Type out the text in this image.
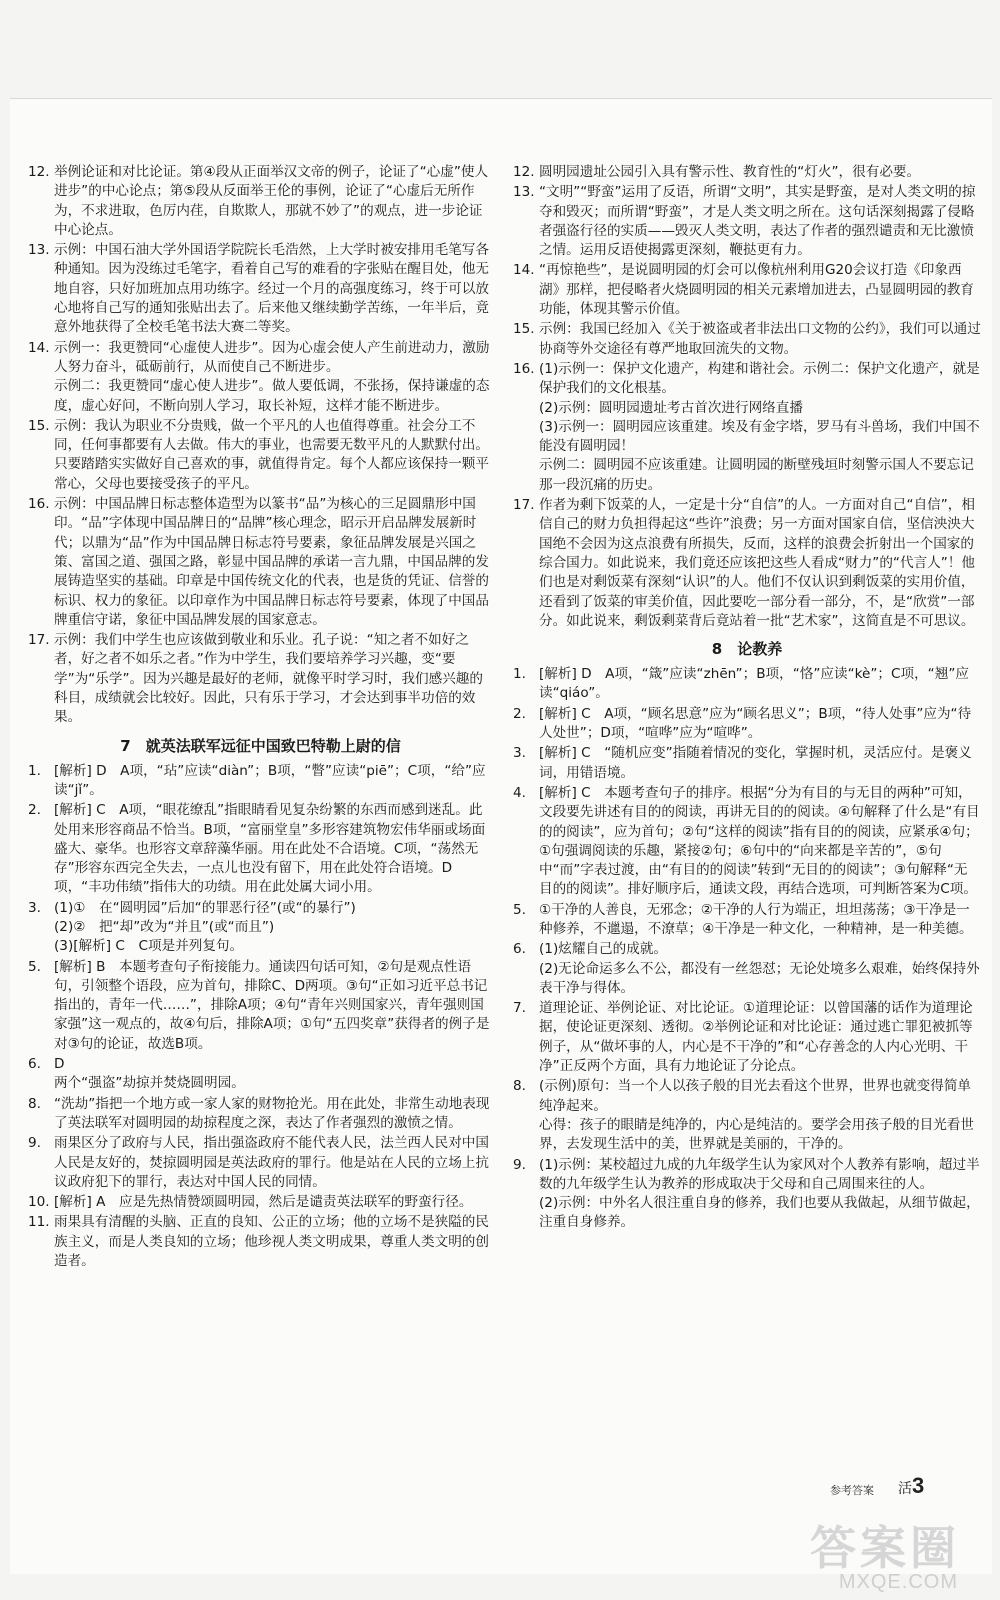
12. 举例论证和对比论证。第④段从正面举汉文帝的例子，论证了“心虚”使人进步”的中心论点；第⑤段从反面举王伦的事例，论证了“心虚后无所作为，不求进取，色厉内荏，自欺欺人，那就不妙了”的观点，进一步论证中心论点。

13. 示例：中国石油大学外国语学院院长毛浩然，上大学时被安排用毛笔写各种通知。因为没练过毛笔字，看着自己写的难看的字张贴在醒目处，他无地自容，只好加班加点用功练字。经过一个月的高强度练习，终于可以放心地将自己写的通知张贴出去了。后来他又继续勤学苦练，一年半后，竟意外地获得了全校毛笔书法大赛二等奖。

14. 示例一：我更赞同“心虚使人进步”。因为心虚会使人产生前进动力，激励人努力奋斗，砥砺前行，从而使自己不断进步。

示例二：我更赞同“虚心使人进步”。做人要低调，不张扬，保持谦虚的态度，虚心好问，不断向别人学习，取长补短，这样才能不断进步。

15. 示例：我认为职业不分贵贱，做一个平凡的人也值得尊重。社会分工不同，任何事都要有人去做。伟大的事业，也需要无数平凡的人默默付出。只要踏踏实实做好自己喜欢的事，就值得肯定。每个人都应该保持一颗平常心，父母也要接受孩子的平凡。

16. 示例：中国品牌日标志整体造型为以篆书“品”为核心的三足圆鼎形中国印。“品”字体现中国品牌日的“品牌”核心理念，昭示开启品牌发展新时代；以鼎为“品”作为中国品牌日标志符号要素，象征品牌发展是兴国之策、富国之道、强国之路，彰显中国品牌的承诺一言九鼎，中国品牌的发展铸造坚实的基础。印章是中国传统文化的代表，也是货的凭证、信誉的标识、权力的象征。以印章作为中国品牌日标志符号要素，体现了中国品牌重信守诺，象征中国品牌发展的国家意志。

17. 示例：我们中学生也应该做到敬业和乐业。孔子说：“知之者不如好之者，好之者不如乐之者。”作为中学生，我们要培养学习兴趣，变“要学”为“乐学”。因为兴趣是最好的老师，就像平时学习时，我们感兴趣的科目，成绩就会比较好。因此，只有乐于学习，才会达到事半功倍的效果。

7　就英法联军远征中国致巴特勒上尉的信
1. [解析] D　A项，“玷”应读“diàn”；B项，“瞥”应读“piē”；C项，“给”应读“jǐ”。

2. [解析] C　A项，“眼花缭乱”指眼睛看见复杂纷繁的东西而感到迷乱。此处用来形容商品不恰当。B项，“富丽堂皇”多形容建筑物宏伟华丽或场面盛大、豪华。也形容文章辞藻华丽。用在此处不合语境。C项，“荡然无存”形容东西完全失去，一点儿也没有留下，用在此处符合语境。D项，“丰功伟绩”指伟大的功绩。用在此处属大词小用。

3. (1)①　在“圆明园”后加“的罪恶行径”(或“的暴行”)

(2)②　把“却”改为“并且”(或“而且”)

(3)[解析] C　C项是并列复句。

5. [解析] B　本题考查句子衔接能力。通读四句话可知，②句是观点性语句，引领整个语段，应为首句，排除C、D两项。③句“正如习近平总书记指出的，青年一代……”，排除A项；④句“青年兴则国家兴，青年强则国家强”这一观点的，故④句后，排除A项；①句“五四奖章”获得者的例子是对③句的论证，故选B项。

6. D

两个“强盗”劫掠并焚烧圆明园。

8. “洗劫”指把一个地方或一家人家的财物抢光。用在此处，非常生动地表现了英法联军对圆明园的劫掠程度之深，表达了作者强烈的激愤之情。

9. 雨果区分了政府与人民，指出强盗政府不能代表人民，法兰西人民对中国人民是友好的，焚掠圆明园是英法政府的罪行。他是站在人民的立场上抗议政府犯下的罪行，表达对中国人民的同情。

10. [解析] A　应是先热情赞颂圆明园，然后是谴责英法联军的野蛮行径。

11. 雨果具有清醒的头脑、正直的良知、公正的立场；他的立场不是狭隘的民族主义，而是人类良知的立场；他珍视人类文明成果，尊重人类文明的创造者。

12. 圆明园遗址公园引入具有警示性、教育性的“灯火”，很有必要。

13. “文明”“野蛮”运用了反语，所谓“文明”，其实是野蛮，是对人类文明的掠夺和毁灭；而所谓“野蛮”，才是人类文明之所在。这句话深刻揭露了侵略者强盗行径的实质——毁灭人类文明，表达了作者的强烈谴责和无比激愤之情。运用反语使揭露更深刻，鞭挞更有力。

14. “再惊艳些”，是说圆明园的灯会可以像杭州利用G20会议打造《印象西湖》那样，把侵略者火烧圆明园的相关元素增加进去，凸显圆明园的教育功能，体现其警示价值。

15. 示例：我国已经加入《关于被盗或者非法出口文物的公约》，我们可以通过协商等外交途径有尊严地取回流失的文物。

16. (1)示例一：保护文化遗产，构建和谐社会。示例二：保护文化遗产，就是保护我们的文化根基。

(2)示例：圆明园遗址考古首次进行网络直播

(3)示例一：圆明园应该重建。埃及有金字塔，罗马有斗兽场，我们中国不能没有圆明园！

示例二：圆明园不应该重建。让圆明园的断壁残垣时刻警示国人不要忘记那一段沉痛的历史。

17. 作者为剩下饭菜的人，一定是十分“自信”的人。一方面对自己“自信”，相信自己的财力负担得起这“些许”浪费；另一方面对国家自信，坚信泱泱大国绝不会因为这点浪费有所损失，反而，这样的浪费会折射出一个国家的综合国力。如此说来，我们竟还应该把这些人看成“财力”的“代言人”！他们也是对剩饭菜有深刻“认识”的人。他们不仅认识到剩饭菜的实用价值，还看到了饭菜的审美价值，因此要吃一部分看一部分，不，是“欣赏”一部分。如此说来，剩饭剩菜背后竟站着一批“艺术家”，这简直是不可思议。

8　论教养
1. [解析] D　A项，“箴”应读“zhēn”；B项，“恪”应读“kè”；C项，“翘”应读“qiáo”。

2. [解析] C　A项，“顾名思意”应为“顾名思义”；B项，“待人处事”应为“待人处世”；D项，“喧哗”应为“喧哗”。

3. [解析] C　“随机应变”指随着情况的变化，掌握时机，灵活应付。是褒义词，用错语境。

4. [解析] C　本题考查句子的排序。根据“分为有目的与无目的两种”可知，文段要先讲述有目的的阅读，再讲无目的的阅读。④句解释了什么是“有目的的阅读”，应为首句；②句“这样的阅读”指有目的的阅读，应紧承④句；①句强调阅读的乐趣，紧接②句；⑥句中的“向来都是辛苦的”，⑤句中“而”字表过渡，由“有目的的阅读”转到“无目的的阅读”；③句解释“无目的的阅读”。排好顺序后，通读文段，再结合选项，可判断答案为C项。

5. ①干净的人善良，无邪念；②干净的人行为端正，坦坦荡荡；③干净是一种修养，不邋遢，不潦草；④干净是一种文化，一种精神，是一种美德。

6. (1)炫耀自己的成就。

(2)无论命运多么不公，都没有一丝怨怼；无论处境多么艰难，始终保持外表干净与得体。

7. 道理论证、举例论证、对比论证。①道理论证：以曾国藩的话作为道理论据，使论证更深刻、透彻。②举例论证和对比论证：通过逃亡罪犯被抓等例子，从“做坏事的人，内心是不干净的”和“心存善念的人内心光明、干净”正反两个方面，具有力地论证了分论点。

8. (示例)原句：当一个人以孩子般的目光去看这个世界，世界也就变得简单纯净起来。

心得：孩子的眼睛是纯净的，内心是纯洁的。要学会用孩子般的目光看世界，去发现生活中的美，世界就是美丽的，干净的。

9. (1)示例：某校超过九成的九年级学生认为家风对个人教养有影响，超过半数的九年级学生认为教养的形成取决于父母和自己周围来往的人。

(2)示例：中外名人很注重自身的修养，我们也要从我做起，从细节做起，注重自身修养。

参考答案 活3
答案圈
MXQE.COM
